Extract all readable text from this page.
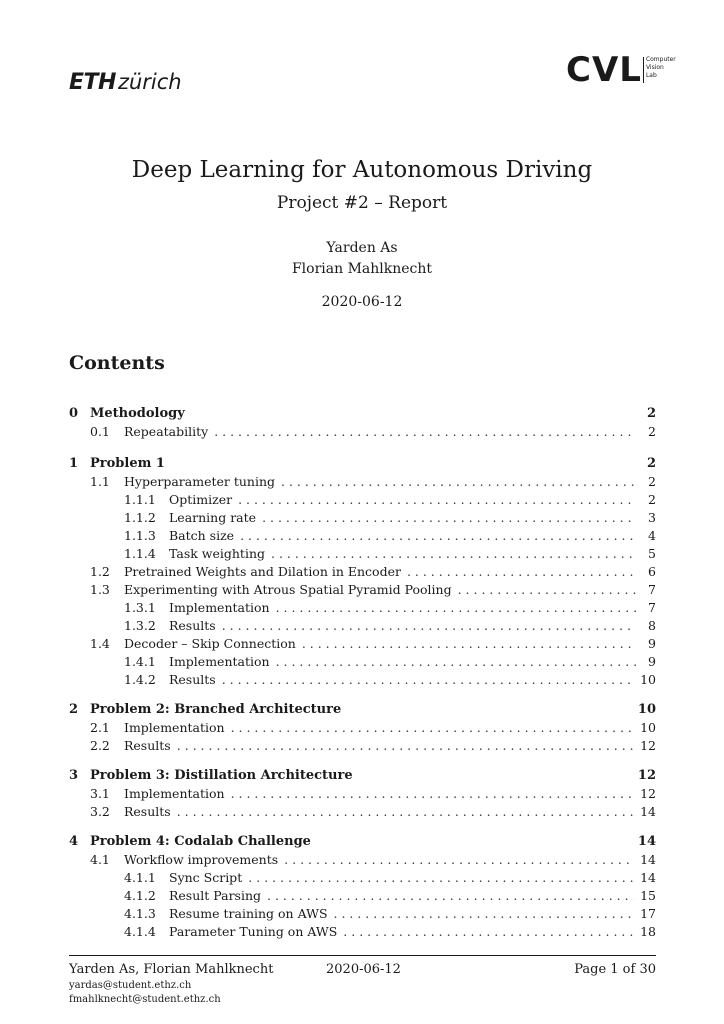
ETH zürich	CVL Computer
Vision
Lab
Deep Learning for Autonomous Driving
Project #2 – Report
Yarden As
Florian Mahlknecht
2020-06-12
Contents
0 Methodology	2
0.1	Repeatability . . .	2
1 Problem 1	2
1.1	Hyperparameter tuning . . .	2
1.1.1	Optimizer . . .	2
1.1.2	Learning rate . . .	3
1.1.3	Batch size . . .	4
1.1.4	Task weighting . . .	5
1.2	Pretrained Weights and Dilation in Encoder . . .	6
1.3	Experimenting with Atrous Spatial Pyramid Pooling . . .	7
1.3.1	Implementation . . .	7
1.3.2	Results . . .	8
1.4	Decoder – Skip Connection . . .	9
1.4.1	Implementation . . .	9
1.4.2	Results . . .	10
2 Problem 2: Branched Architecture	10
2.1	Implementation . . .	10
2.2	Results . . .	12
3 Problem 3: Distillation Architecture	12
3.1	Implementation . . .	12
3.2	Results . . .	14
4 Problem 4: Codalab Challenge	14
4.1	Workflow improvements . . .	14
4.1.1	Sync Script . . .	14
4.1.2	Result Parsing . . .	15
4.1.3	Resume training on AWS . . .	17
4.1.4	Parameter Tuning on AWS . . .	18
Yarden As, Florian Mahlknecht	2020-06-12	Page 1 of 30
yardas@student.ethz.ch
fmahlknecht@student.ethz.ch
